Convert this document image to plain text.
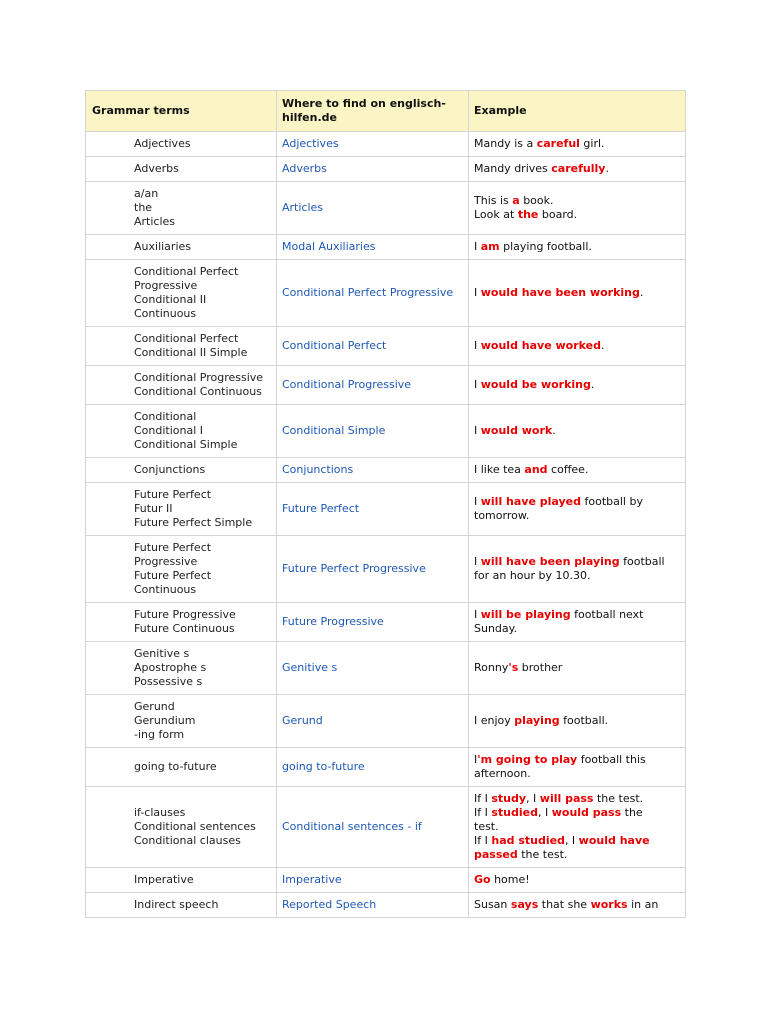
Grammar terms	Where to find on englisch-hilfen.de	Example

Adjectives	Adjectives	Mandy is a careful girl.

Adverbs	Adverbs	Mandy drives carefully.

a/an
the
Articles	Articles	This is a book.
Look at the board.

Auxiliaries	Modal Auxiliaries	I am playing football.

Conditional Perfect
Progressive
Conditional II
Continuous	Conditional Perfect Progressive	I would have been working.

Conditional Perfect
Conditional II Simple	Conditional Perfect	I would have worked.

Conditional Progressive
Conditional Continuous	Conditional Progressive	I would be working.

Conditional
Conditional I
Conditional Simple	Conditional Simple	I would work.

Conjunctions	Conjunctions	I like tea and coffee.

Future Perfect
Futur II
Future Perfect Simple	Future Perfect	I will have played football by
tomorrow.

Future Perfect
Progressive
Future Perfect
Continuous	Future Perfect Progressive	I will have been playing football
for an hour by 10.30.

Future Progressive
Future Continuous	Future Progressive	I will be playing football next
Sunday.

Genitive s
Apostrophe s
Possessive s	Genitive s	Ronny's brother

Gerund
Gerundium
-ing form	Gerund	I enjoy playing football.

going to-future	going to-future	I'm going to play football this
afternoon.

if-clauses
Conditional sentences
Conditional clauses	Conditional sentences - if	If I study, I will pass the test.
If I studied, I would pass the
test.
If I had studied, I would have
passed the test.

Imperative	Imperative	Go home!

Indirect speech	Reported Speech	Susan says that she works in an
